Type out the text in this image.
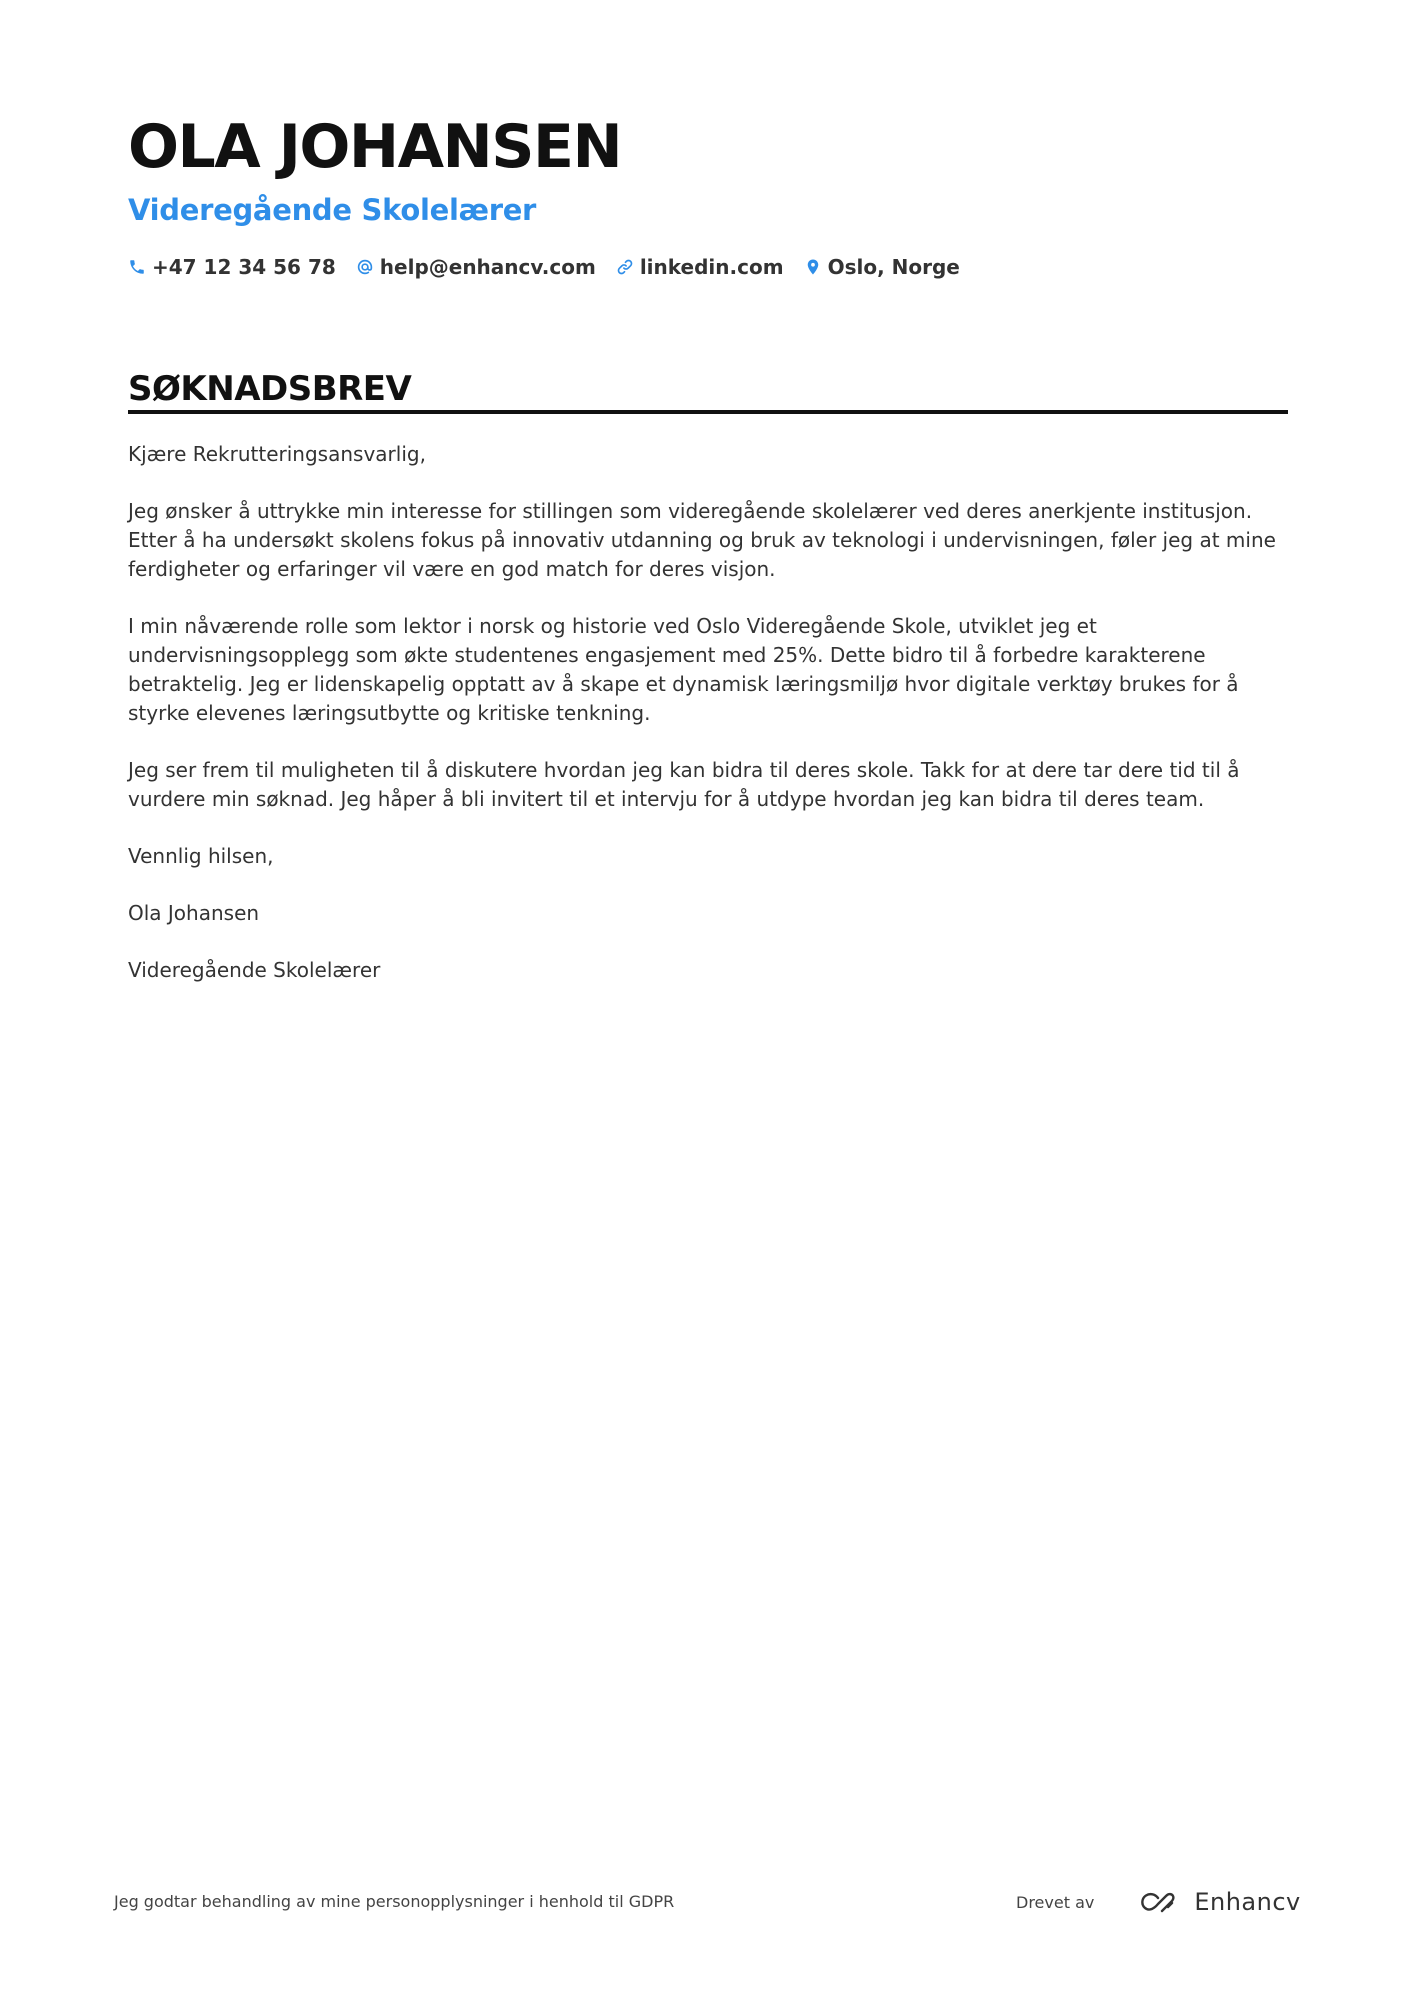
OLA JOHANSEN
Videregående Skolelærer
+47 12 34 56 78 help@enhancv.com linkedin.com Oslo, Norge
SØKNADSBREV

Kjære Rekrutteringsansvarlig,

Jeg ønsker å uttrykke min interesse for stillingen som videregående skolelærer ved deres anerkjente institusjon. Etter å ha undersøkt skolens fokus på innovativ utdanning og bruk av teknologi i undervisningen, føler jeg at mine ferdigheter og erfaringer vil være en god match for deres visjon.

I min nåværende rolle som lektor i norsk og historie ved Oslo Videregående Skole, utviklet jeg et undervisningsopplegg som økte studentenes engasjement med 25%. Dette bidro til å forbedre karakterene betraktelig. Jeg er lidenskapelig opptatt av å skape et dynamisk læringsmiljø hvor digitale verktøy brukes for å styrke elevenes læringsutbytte og kritiske tenkning.

Jeg ser frem til muligheten til å diskutere hvordan jeg kan bidra til deres skole. Takk for at dere tar dere tid til å vurdere min søknad. Jeg håper å bli invitert til et intervju for å utdype hvordan jeg kan bidra til deres team.

Vennlig hilsen,

Ola Johansen

Videregående Skolelærer

Jeg godtar behandling av mine personopplysninger i henhold til GDPR	Drevet av	Enhancv
